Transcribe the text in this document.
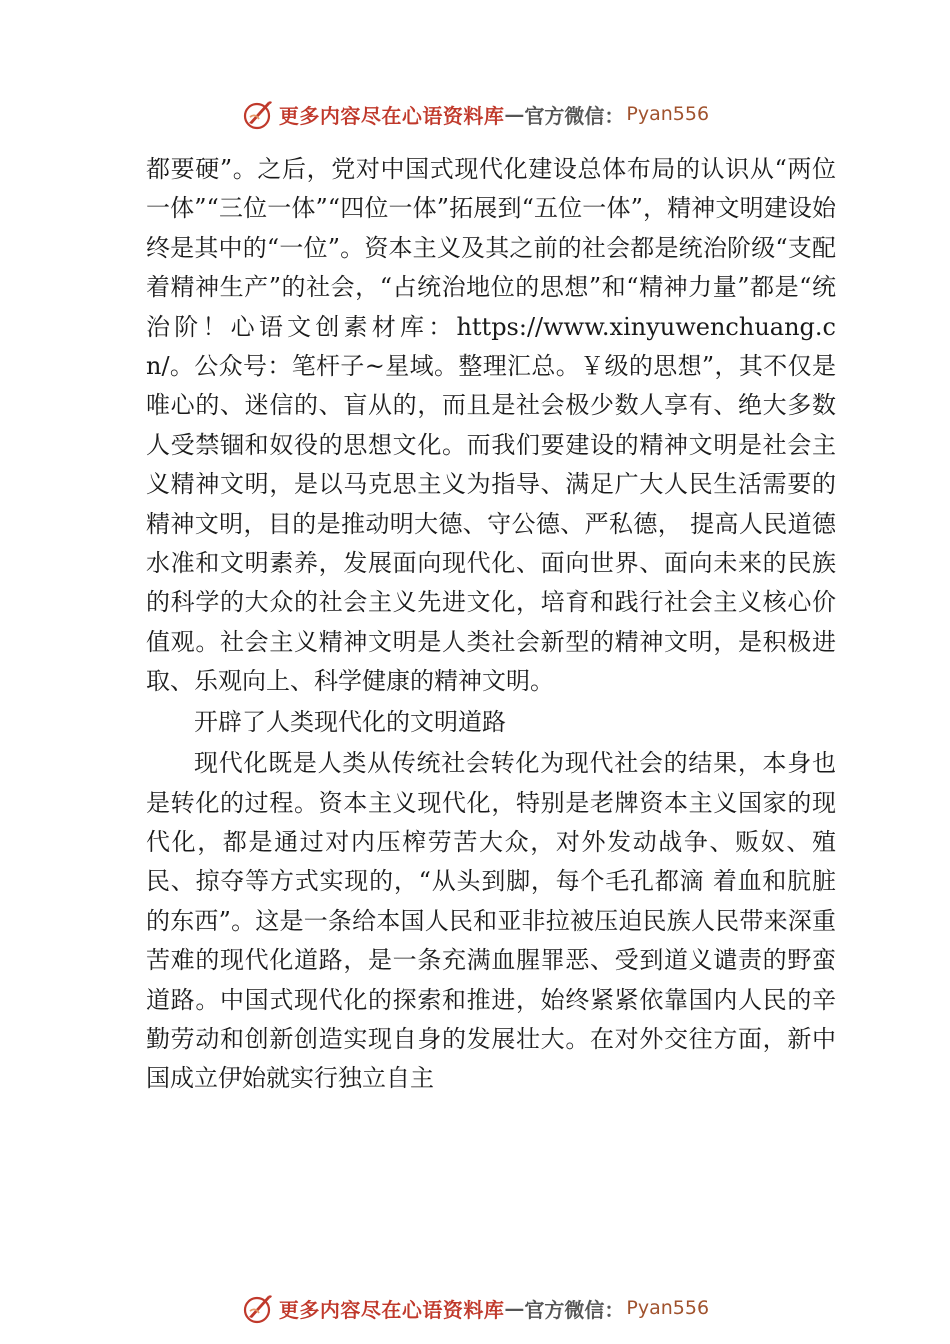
更多内容尽在心语资料库 — 官方微信： Pyan556

都要硬”。之后，党对中国式现代化建设总体布局的认识从“两位一体”“三位一体”“四位一体”拓展到“五位一体”，精神文明建设始终是其中的“一位”。资本主义及其之前的社会都是统治阶级“支配着精神生产”的社会，“占统治地位的思想”和“精神力量”都是“统治阶！心语文创素材库：https://www.xinyuwenchuang.cn/。公众号：笔杆子~星域。整理汇总。￥级的思想”，其不仅是唯心的、迷信的、盲从的，而且是社会极少数人享有、绝大多数人受禁锢和奴役的思想文化。而我们要建设的精神文明是社会主义精神文明，是以马克思主义为指导、满足广大人民生活需要的精神文明，目的是推动明大德、守公德、严私德， 提高人民道德水准和文明素养，发展面向现代化、面向世界、面向未来的民族的科学的大众的社会主义先进文化，培育和践行社会主义核心价值观。社会主义精神文明是人类社会新型的精神文明，是积极进取、乐观向上、科学健康的精神文明。

开辟了人类现代化的文明道路

现代化既是人类从传统社会转化为现代社会的结果，本身也是转化的过程。资本主义现代化，特别是老牌资本主义国家的现代化，都是通过对内压榨劳苦大众，对外发动战争、贩奴、殖民、掠夺等方式实现的，“从头到脚，每个毛孔都滴 着血和肮脏的东西”。这是一条给本国人民和亚非拉被压迫民族人民带来深重苦难的现代化道路，是一条充满血腥罪恶、受到道义谴责的野蛮道路。中国式现代化的探索和推进，始终紧紧依靠国内人民的辛勤劳动和创新创造实现自身的发展壮大。在对外交往方面，新中国成立伊始就实行独立自主

更多内容尽在心语资料库 — 官方微信： Pyan556
